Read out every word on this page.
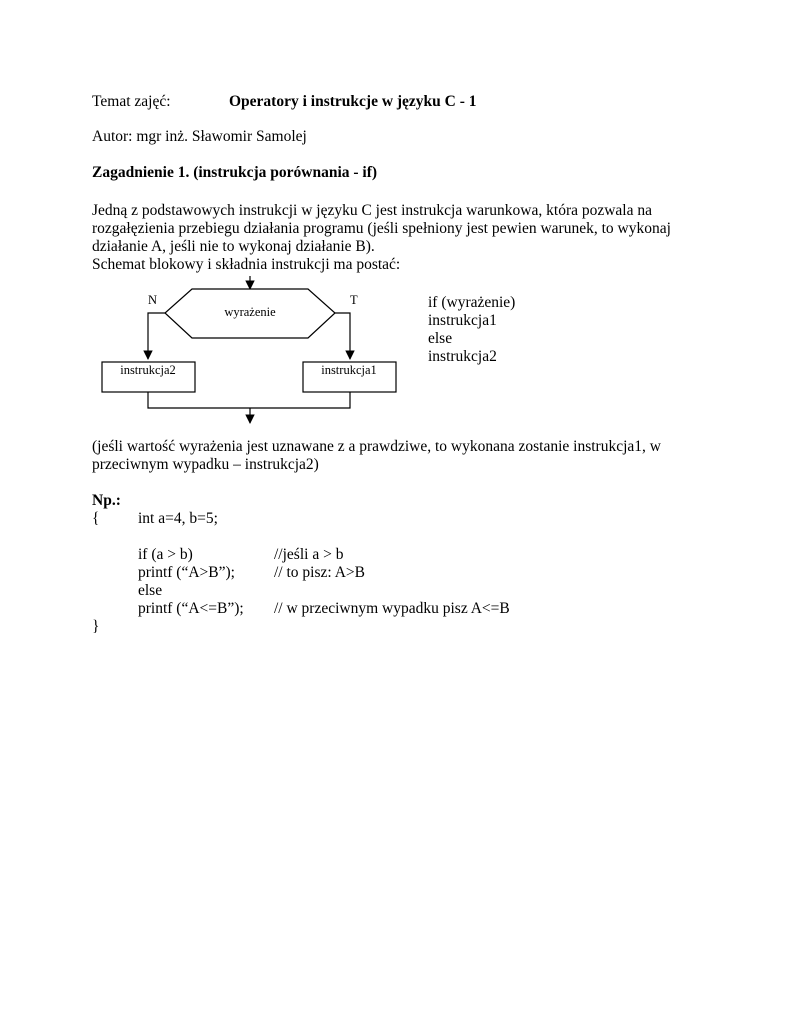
Temat zajęć:	Operatory i instrukcje w języku C - 1
Autor: mgr inż. Sławomir Samolej
Zagadnienie 1. (instrukcja porównania - if)
Jedną z podstawowych instrukcji w języku C jest instrukcja warunkowa, która pozwala na
rozgałęzienia przebiegu działania programu (jeśli spełniony jest pewien warunek, to wykonaj
działanie A, jeśli nie to wykonaj działanie B).
Schemat blokowy i składnia instrukcji ma postać:
wyrażenie
N	T
instrukcja2	instrukcja1
if (wyrażenie)
instrukcja1
else
instrukcja2
(jeśli wartość wyrażenia jest uznawane z a prawdziwe, to wykonana zostanie instrukcja1, w
przeciwnym wypadku – instrukcja2)
Np.:
{ int a=4, b=5;
if (a > b)	//jeśli a > b
printf (“A>B”);	// to pisz: A>B
else
printf (“A<=B”); // w przeciwnym wypadku pisz A<=B
}
